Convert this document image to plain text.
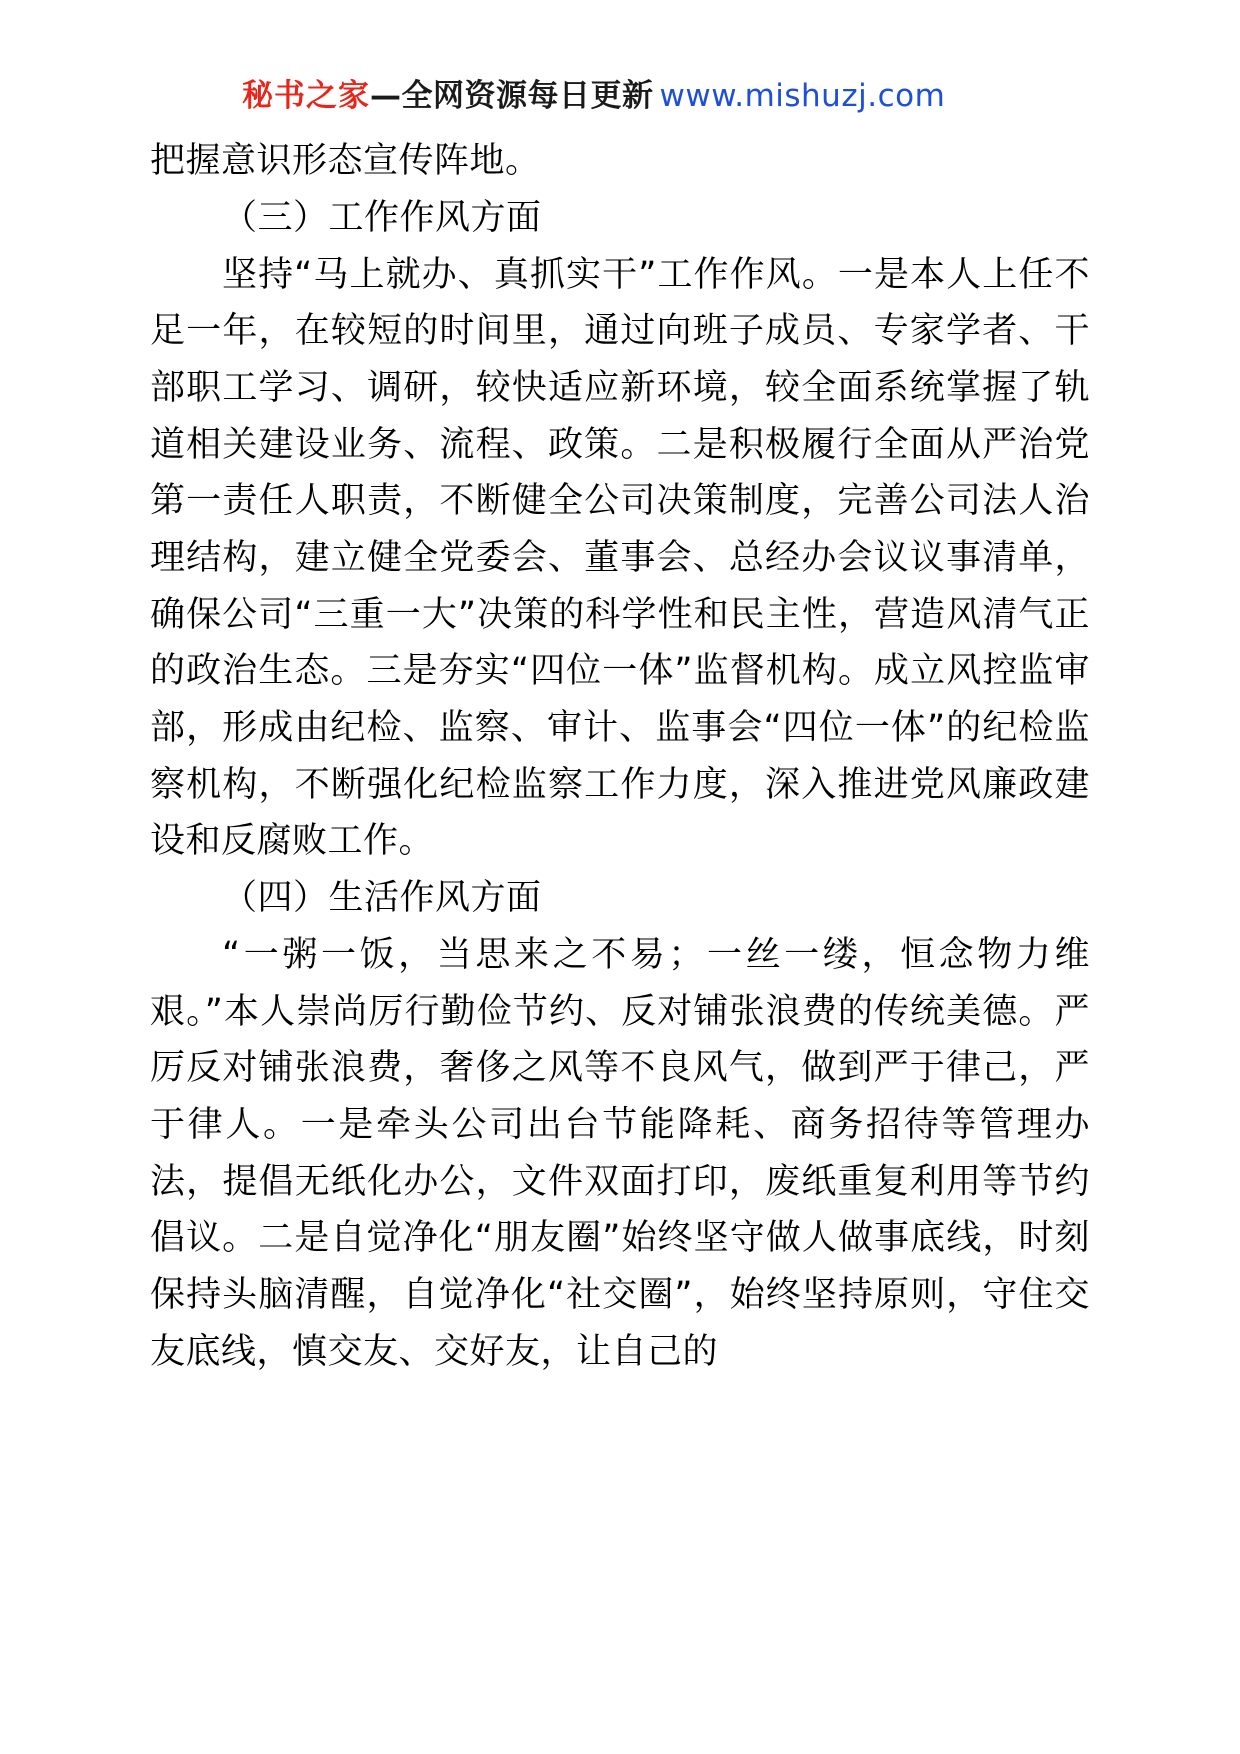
秘书之家 —全网资源每日更新 www.mishuzj.com

把握意识形态宣传阵地。

（三）工作作风方面

坚持“马上就办、真抓实干”工作作风。一是本人上任不足一年，在较短的时间里，通过向班子成员、专家学者、干部职工学习、调研，较快适应新环境，较全面系统掌握了轨道相关建设业务、流程、政策。二是积极履行全面从严治党第一责任人职责，不断健全公司决策制度，完善公司法人治理结构，建立健全党委会、董事会、总经办会议议事清单，确保公司“三重一大”决策的科学性和民主性，营造风清气正的政治生态。三是夯实“四位一体”监督机构。成立风控监审部，形成由纪检、监察、审计、监事会“四位一体”的纪检监察机构，不断强化纪检监察工作力度，深入推进党风廉政建设和反腐败工作。

（四）生活作风方面

“一粥一饭，当思来之不易；一丝一缕，恒念物力维艰。”本人崇尚厉行勤俭节约、反对铺张浪费的传统美德。严厉反对铺张浪费，奢侈之风等不良风气，做到严于律己，严于律人。一是牵头公司出台节能降耗、商务招待等管理办法，提倡无纸化办公，文件双面打印，废纸重复利用等节约倡议。二是自觉净化“朋友圈”始终坚守做人做事底线，时刻保持头脑清醒，自觉净化“社交圈”，始终坚持原则，守住交友底线，慎交友、交好友，让自己的
